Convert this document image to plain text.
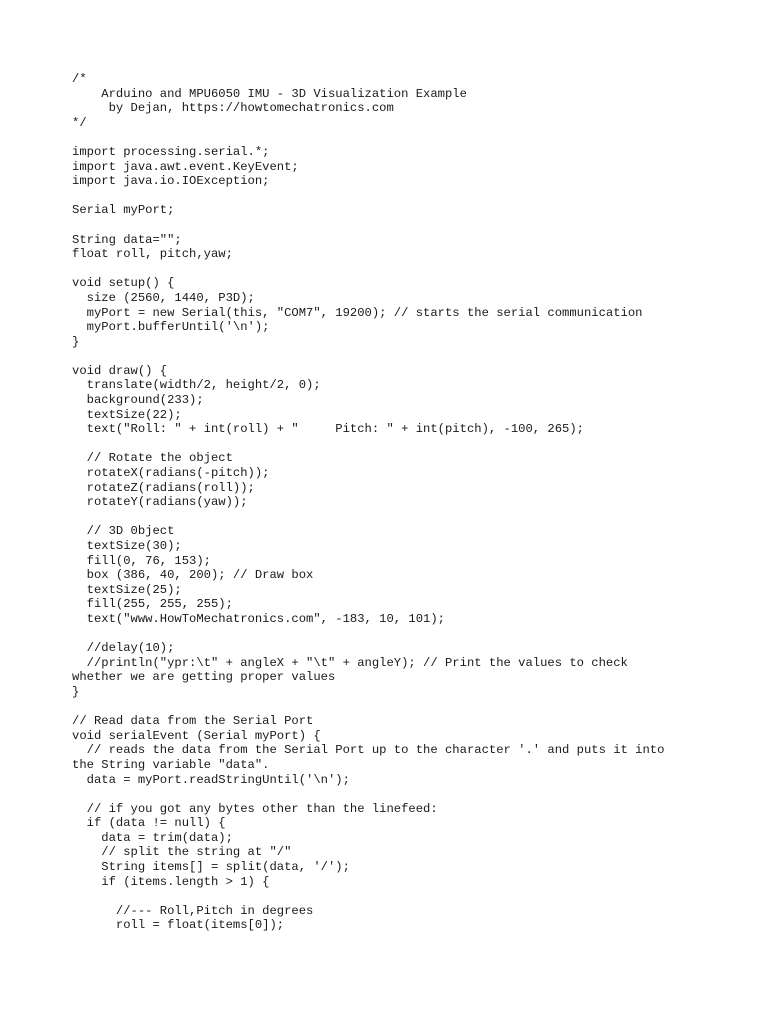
/*
Arduino and MPU6050 IMU - 3D Visualization Example
by Dejan, https://howtomechatronics.com
*/
import processing.serial.*;
import java.awt.event.KeyEvent;
import java.io.IOException;
Serial myPort;
String data="";
float roll, pitch,yaw;
void setup() {
size (2560, 1440, P3D);
myPort = new Serial(this, "COM7", 19200); // starts the serial communication
myPort.bufferUntil('\n');
}
void draw() {
translate(width/2, height/2, 0);
background(233);
textSize(22);
text("Roll: " + int(roll) + "     Pitch: " + int(pitch), -100, 265);
// Rotate the object
rotateX(radians(-pitch));
rotateZ(radians(roll));
rotateY(radians(yaw));
// 3D 0bject
textSize(30);
fill(0, 76, 153);
box (386, 40, 200); // Draw box
textSize(25);
fill(255, 255, 255);
text("www.HowToMechatronics.com", -183, 10, 101);
//delay(10);
//println("ypr:\t" + angleX + "\t" + angleY); // Print the values to check
whether we are getting proper values
}
// Read data from the Serial Port
void serialEvent (Serial myPort) {
// reads the data from the Serial Port up to the character '.' and puts it into
the String variable "data".
data = myPort.readStringUntil('\n');
// if you got any bytes other than the linefeed:
if (data != null) {
data = trim(data);
// split the string at "/"
String items[] = split(data, '/');
if (items.length > 1) {
//--- Roll,Pitch in degrees
roll = float(items[0]);
